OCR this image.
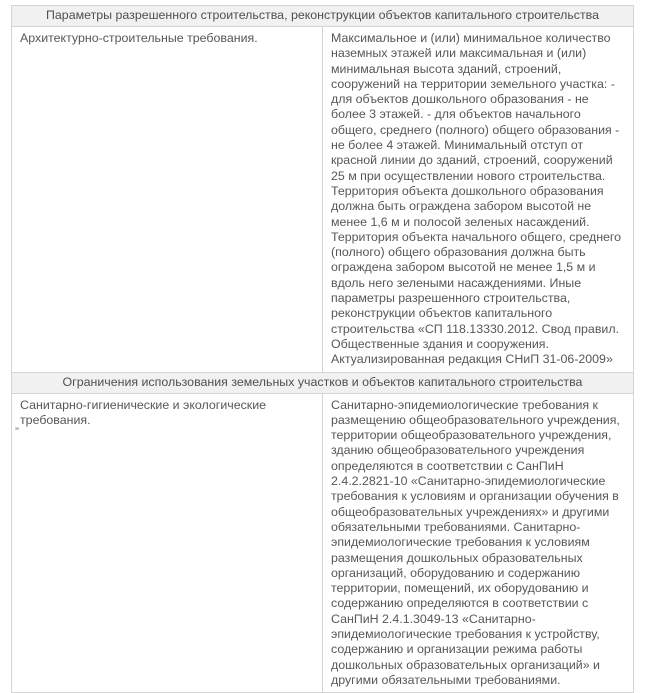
Параметры разрешенного строительства, реконструкции объектов капитального строительства	
Архитектурно-строительные требования.	Максимальное и (или) минимальное количество наземных этажей или максимальная и (или) минимальная высота зданий, строений, сооружений на территории земельного участка: - для объектов дошкольного образования - не более 3 этажей. - для объектов начального общего, среднего (полного) общего образования - не более 4 этажей. Минимальный отступ от красной линии до зданий, строений, сооружений 25 м при осуществлении нового строительства. Территория объекта дошкольного образования должна быть ограждена забором высотой не менее 1,6 м и полосой зеленых насаждений. Территория объекта начального общего, среднего (полного) общего образования должна быть ограждена забором высотой не менее 1,5 м и вдоль него зелеными насаждениями. Иные параметры разрешенного строительства, реконструкции объектов капитального строительства «СП 118.13330.2012. Свод правил. Общественные здания и сооружения. Актуализированная редакция СНиП 31-06-2009»
Ограничения использования земельных участков и объектов капитального строительства	
Санитарно-гигиенические и экологические требования.	Санитарно-эпидемиологические требования к размещению общеобразовательного учреждения, территории общеобразовательного учреждения, зданию общеобразовательного учреждения определяются в соответствии с СанПиН 2.4.2.2821-10 «Санитарно-эпидемиологические требования к условиям и организации обучения в общеобразовательных учреждениях» и другими обязательными требованиями. Санитарно-эпидемиологические требования к условиям размещения дошкольных образовательных организаций, оборудованию и содержанию территории, помещений, их оборудованию и содержанию определяются в соответствии с СанПиН 2.4.1.3049-13 «Санитарно-эпидемиологические требования к устройству, содержанию и организации режима работы дошкольных образовательных организаций» и другими обязательными требованиями.
”
